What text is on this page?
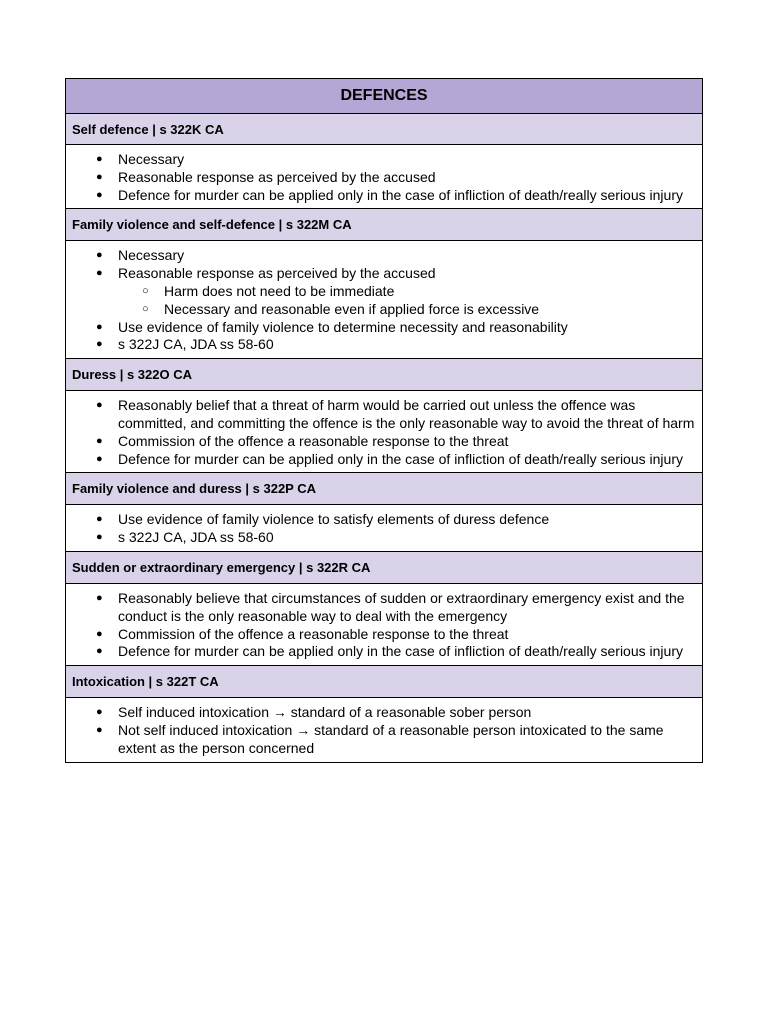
DEFENCES
Self defence | s 322K CA
● Necessary
● Reasonable response as perceived by the accused
● Defence for murder can be applied only in the case of infliction of death/really serious injury
Family violence and self-defence | s 322M CA
● Necessary
● Reasonable response as perceived by the accused
○ Harm does not need to be immediate
○ Necessary and reasonable even if applied force is excessive
● Use evidence of family violence to determine necessity and reasonability
● s 322J CA, JDA ss 58-60
Duress | s 322O CA
● Reasonably belief that a threat of harm would be carried out unless the offence was committed, and committing the offence is the only reasonable way to avoid the threat of harm
● Commission of the offence a reasonable response to the threat
● Defence for murder can be applied only in the case of infliction of death/really serious injury
Family violence and duress | s 322P CA
● Use evidence of family violence to satisfy elements of duress defence
● s 322J CA, JDA ss 58-60
Sudden or extraordinary emergency | s 322R CA
● Reasonably believe that circumstances of sudden or extraordinary emergency exist and the conduct is the only reasonable way to deal with the emergency
● Commission of the offence a reasonable response to the threat
● Defence for murder can be applied only in the case of infliction of death/really serious injury
Intoxication | s 322T CA
● Self induced intoxication → standard of a reasonable sober person
● Not self induced intoxication → standard of a reasonable person intoxicated to the same extent as the person concerned
